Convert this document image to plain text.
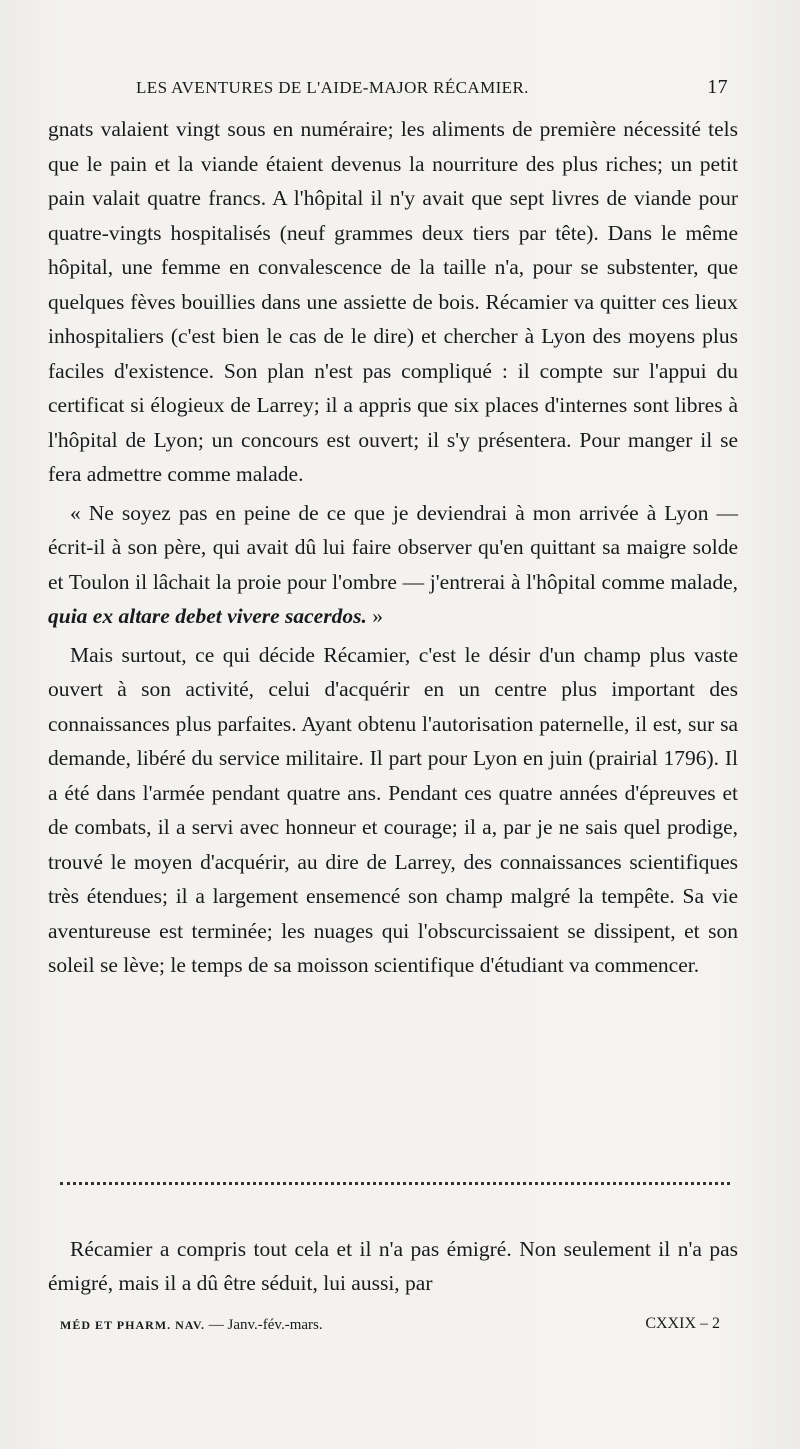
LES AVENTURES DE L'AIDE-MAJOR RÉCAMIER.	17

gnats valaient vingt sous en numéraire; les aliments de première nécessité tels que le pain et la viande étaient devenus la nourriture des plus riches; un petit pain valait quatre francs. A l'hôpital il n'y avait que sept livres de viande pour quatre-vingts hospitalisés (neuf grammes deux tiers par tête). Dans le même hôpital, une femme en convalescence de la taille n'a, pour se substenter, que quelques fèves bouillies dans une assiette de bois. Récamier va quitter ces lieux inhospitaliers (c'est bien le cas de le dire) et chercher à Lyon des moyens plus faciles d'existence. Son plan n'est pas compliqué : il compte sur l'appui du certificat si élogieux de Larrey; il a appris que six places d'internes sont libres à l'hôpital de Lyon; un concours est ouvert; il s'y présentera. Pour manger il se fera admettre comme malade.

« Ne soyez pas en peine de ce que je deviendrai à mon arrivée à Lyon — écrit-il à son père, qui avait dû lui faire observer qu'en quittant sa maigre solde et Toulon il lâchait la proie pour l'ombre — j'entrerai à l'hôpital comme malade, quia ex altare debet vivere sacerdos. »

Mais surtout, ce qui décide Récamier, c'est le désir d'un champ plus vaste ouvert à son activité, celui d'acquérir en un centre plus important des connaissances plus parfaites. Ayant obtenu l'autorisation paternelle, il est, sur sa demande, libéré du service militaire. Il part pour Lyon en juin (prairial 1796). Il a été dans l'armée pendant quatre ans. Pendant ces quatre années d'épreuves et de combats, il a servi avec honneur et courage; il a, par je ne sais quel prodige, trouvé le moyen d'acquérir, au dire de Larrey, des connaissances scientifiques très étendues; il a largement ensemencé son champ malgré la tempête. Sa vie aventureuse est terminée; les nuages qui l'obscurcissaient se dissipent, et son soleil se lève; le temps de sa moisson scientifique d'étudiant va commencer.

Récamier a compris tout cela et il n'a pas émigré. Non seulement il n'a pas émigré, mais il a dû être séduit, lui aussi, par

MÉD ET PHARM. NAV. — Janv.-fév.-mars.	CXXIX – 2
